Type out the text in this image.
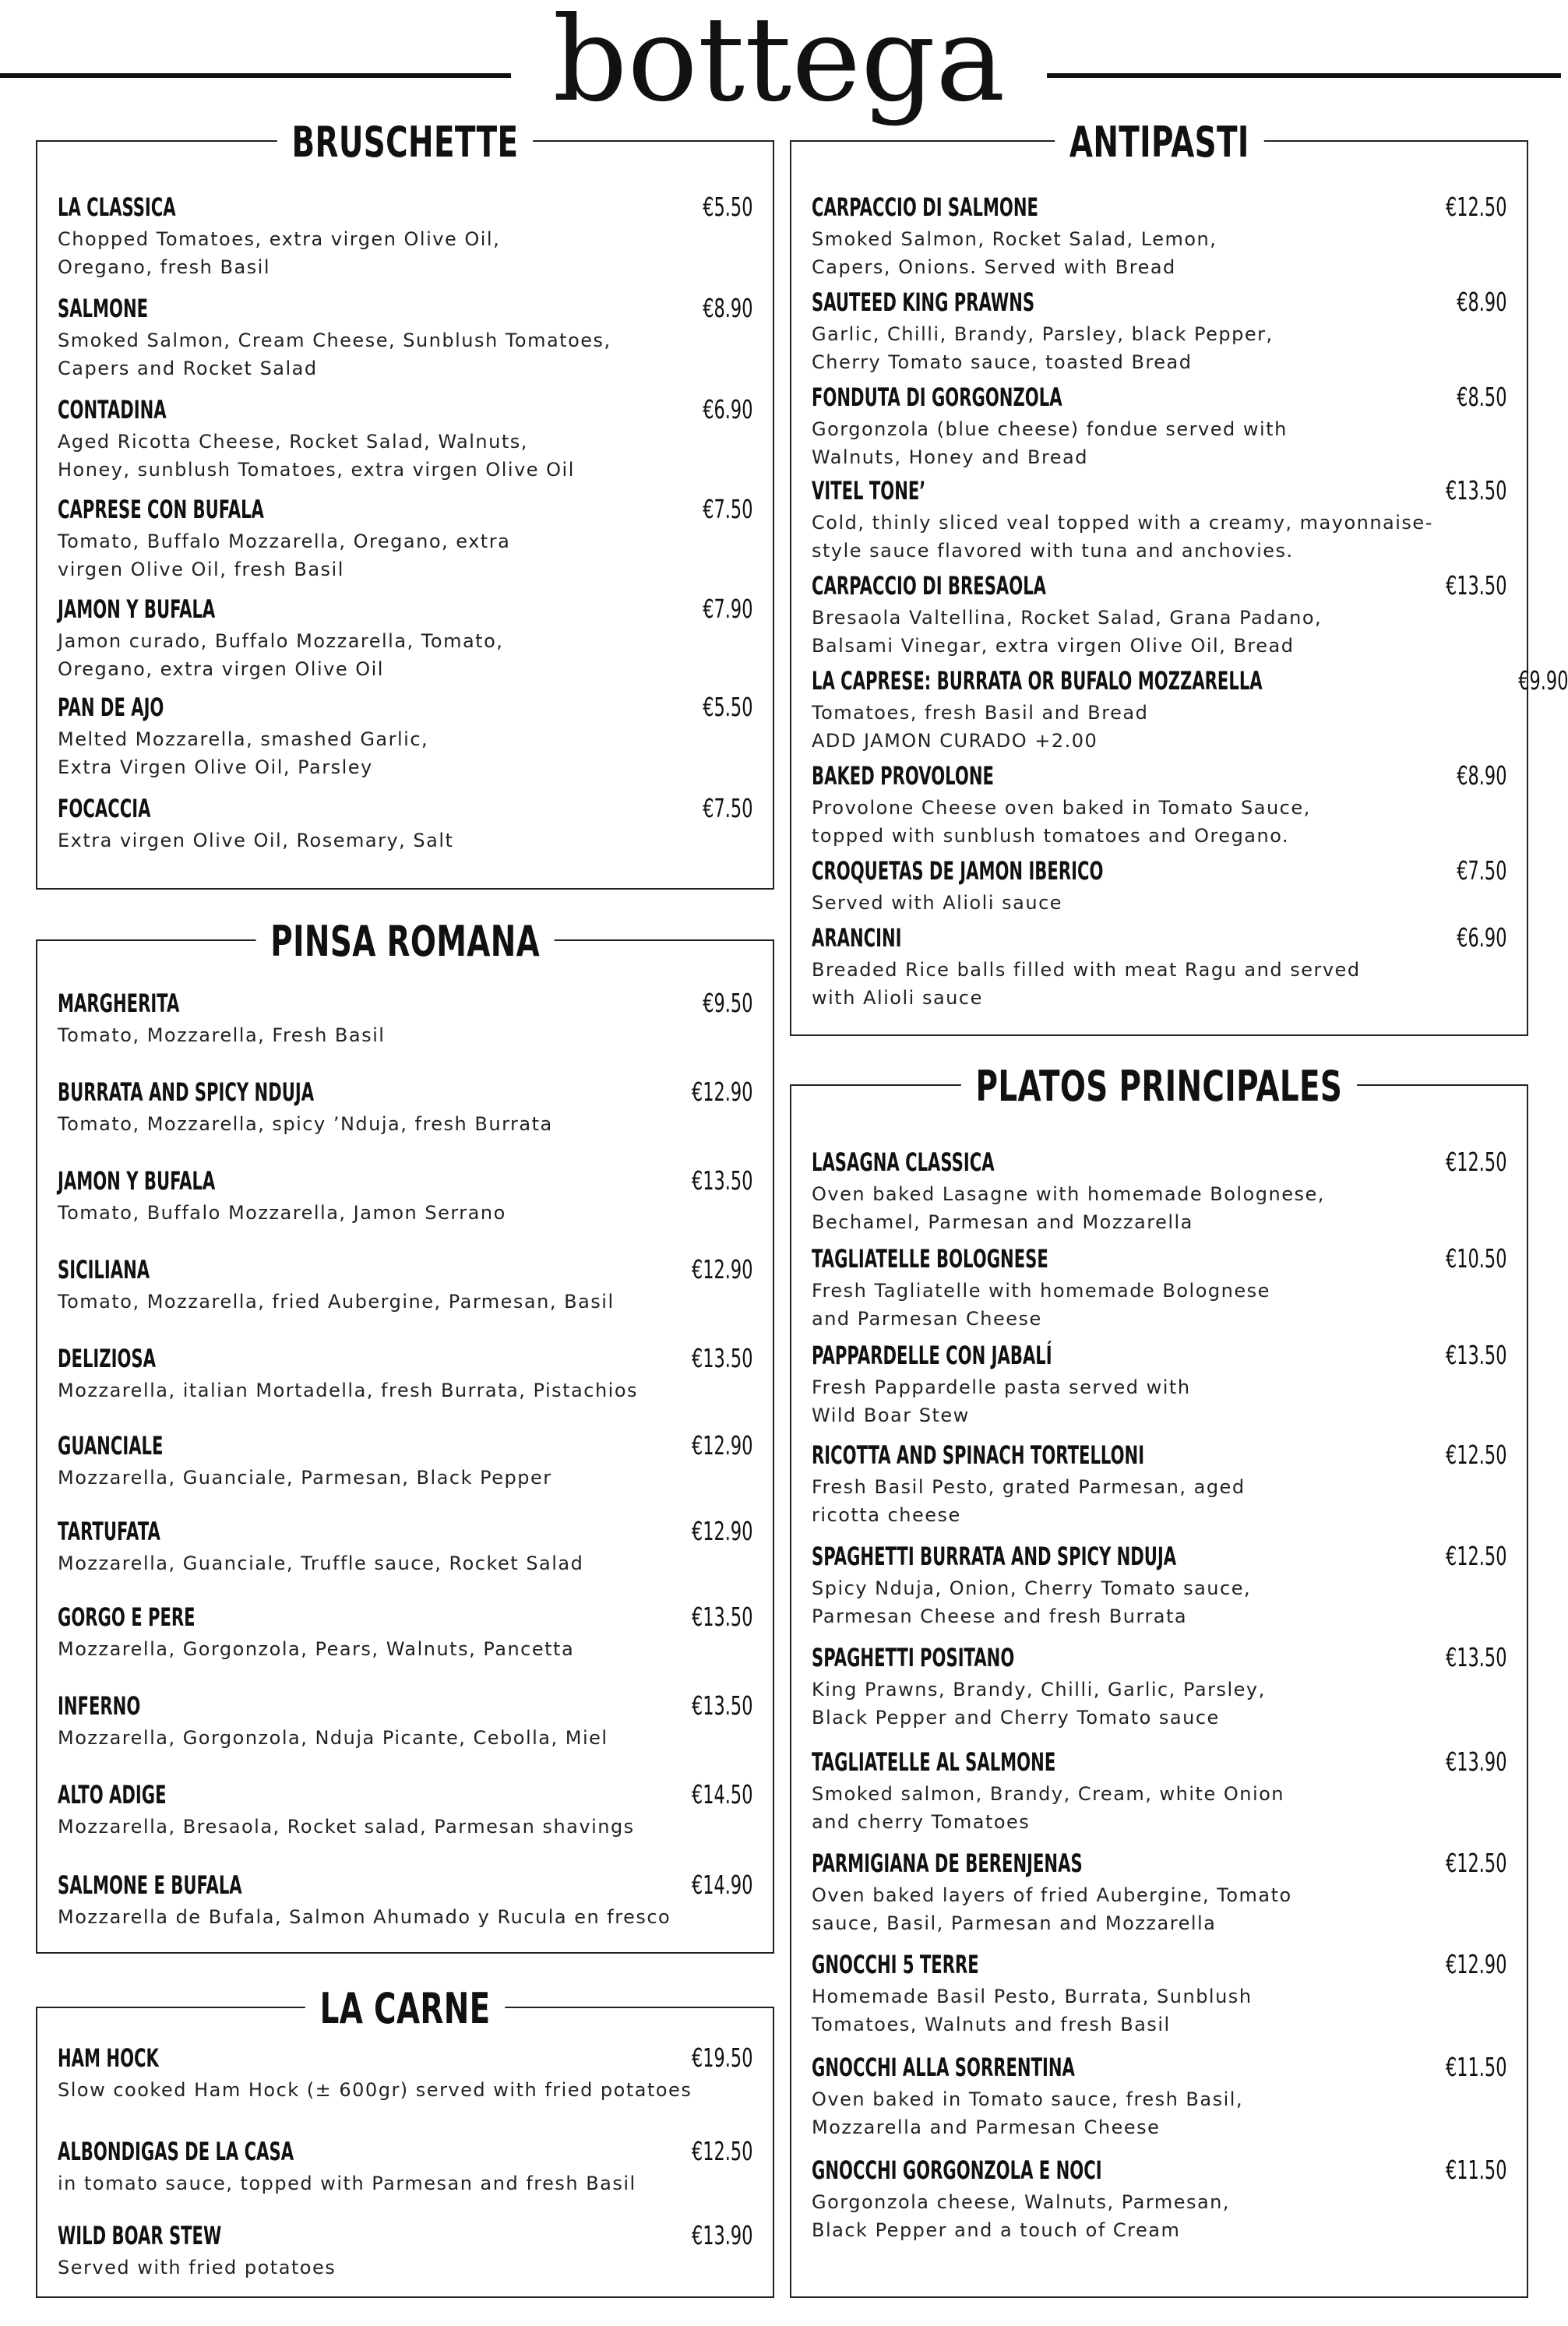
bottega
BRUSCHETTE
LA CLASSICA	€5.50
Chopped Tomatoes, extra virgen Olive Oil,
Oregano, fresh Basil
SALMONE	€8.90
Smoked Salmon, Cream Cheese, Sunblush Tomatoes,
Capers and Rocket Salad
CONTADINA	€6.90
Aged Ricotta Cheese, Rocket Salad, Walnuts,
Honey, sunblush Tomatoes, extra virgen Olive Oil
CAPRESE CON BUFALA	€7.50
Tomato, Buffalo Mozzarella, Oregano, extra
virgen Olive Oil, fresh Basil
JAMON Y BUFALA	€7.90
Jamon curado, Buffalo Mozzarella, Tomato,
Oregano, extra virgen Olive Oil
PAN DE AJO	€5.50
Melted Mozzarella, smashed Garlic,
Extra Virgen Olive Oil, Parsley
FOCACCIA	€7.50
Extra virgen Olive Oil, Rosemary, Salt
PINSA ROMANA
MARGHERITA	€9.50
Tomato, Mozzarella, Fresh Basil
BURRATA AND SPICY NDUJA	€12.90
Tomato, Mozzarella, spicy ’Nduja, fresh Burrata
JAMON Y BUFALA	€13.50
Tomato, Buffalo Mozzarella, Jamon Serrano
SICILIANA	€12.90
Tomato, Mozzarella, fried Aubergine, Parmesan, Basil
DELIZIOSA	€13.50
Mozzarella, italian Mortadella, fresh Burrata, Pistachios
GUANCIALE	€12.90
Mozzarella, Guanciale, Parmesan, Black Pepper
TARTUFATA	€12.90
Mozzarella, Guanciale, Truffle sauce, Rocket Salad
GORGO E PERE	€13.50
Mozzarella, Gorgonzola, Pears, Walnuts, Pancetta
INFERNO	€13.50
Mozzarella, Gorgonzola, Nduja Picante, Cebolla, Miel
ALTO ADIGE	€14.50
Mozzarella, Bresaola, Rocket salad, Parmesan shavings
SALMONE E BUFALA	€14.90
Mozzarella de Bufala, Salmon Ahumado y Rucula en fresco
LA CARNE
HAM HOCK	€19.50
Slow cooked Ham Hock (± 600gr) served with fried potatoes
ALBONDIGAS DE LA CASA	€12.50
in tomato sauce, topped with Parmesan and fresh Basil
WILD BOAR STEW	€13.90
Served with fried potatoes
ANTIPASTI
CARPACCIO DI SALMONE	€12.50
Smoked Salmon, Rocket Salad, Lemon,
Capers, Onions. Served with Bread
SAUTEED KING PRAWNS	€8.90
Garlic, Chilli, Brandy, Parsley, black Pepper,
Cherry Tomato sauce, toasted Bread
FONDUTA DI GORGONZOLA	€8.50
Gorgonzola (blue cheese) fondue served with
Walnuts, Honey and Bread
VITEL TONE’	€13.50
Cold, thinly sliced veal topped with a creamy, mayonnaise-
style sauce flavored with tuna and anchovies.
CARPACCIO DI BRESAOLA	€13.50
Bresaola Valtellina, Rocket Salad, Grana Padano,
Balsami Vinegar, extra virgen Olive Oil, Bread
LA CAPRESE: BURRATA OR BUFALO MOZZARELLA	€9.90
Tomatoes, fresh Basil and Bread
ADD JAMON CURADO +2.00
BAKED PROVOLONE	€8.90
Provolone Cheese oven baked in Tomato Sauce,
topped with sunblush tomatoes and Oregano.
CROQUETAS DE JAMON IBERICO	€7.50
Served with Alioli sauce
ARANCINI	€6.90
Breaded Rice balls filled with meat Ragu and served
with Alioli sauce
PLATOS PRINCIPALES
LASAGNA CLASSICA	€12.50
Oven baked Lasagne with homemade Bolognese,
Bechamel, Parmesan and Mozzarella
TAGLIATELLE BOLOGNESE	€10.50
Fresh Tagliatelle with homemade Bolognese
and Parmesan Cheese
PAPPARDELLE CON JABALÍ	€13.50
Fresh Pappardelle pasta served with
Wild Boar Stew
RICOTTA AND SPINACH TORTELLONI	€12.50
Fresh Basil Pesto, grated Parmesan, aged
ricotta cheese
SPAGHETTI BURRATA AND SPICY NDUJA	€12.50
Spicy Nduja, Onion, Cherry Tomato sauce,
Parmesan Cheese and fresh Burrata
SPAGHETTI POSITANO	€13.50
King Prawns, Brandy, Chilli, Garlic, Parsley,
Black Pepper and Cherry Tomato sauce
TAGLIATELLE AL SALMONE	€13.90
Smoked salmon, Brandy, Cream, white Onion
and cherry Tomatoes
PARMIGIANA DE BERENJENAS	€12.50
Oven baked layers of fried Aubergine, Tomato
sauce, Basil, Parmesan and Mozzarella
GNOCCHI 5 TERRE	€12.90
Homemade Basil Pesto, Burrata, Sunblush
Tomatoes, Walnuts and fresh Basil
GNOCCHI ALLA SORRENTINA	€11.50
Oven baked in Tomato sauce, fresh Basil,
Mozzarella and Parmesan Cheese
GNOCCHI GORGONZOLA E NOCI	€11.50
Gorgonzola cheese, Walnuts, Parmesan,
Black Pepper and a touch of Cream
